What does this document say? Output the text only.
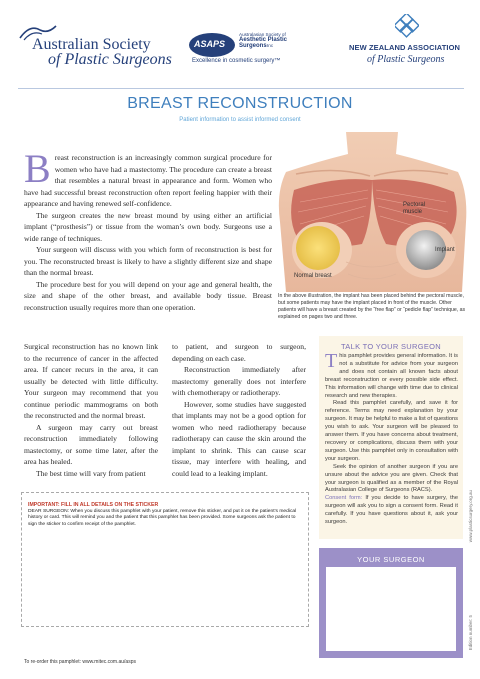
Australian Society
of Plastic Surgeons
ASAPS
Australasian Society of
Aesthetic Plastic
Surgeons Inc
Excellence in cosmetic surgery™
NEW ZEALAND ASSOCIATION
of Plastic Surgeons
BREAST RECONSTRUCTION
Patient information to assist informed consent
B reast reconstruction is an increasingly common surgical procedure for women who have had a mastectomy. The procedure can create a breast that resembles a natural breast in appearance and form. Women who have had successful breast reconstruction often report feeling happier with their appearance and having renewed self-confidence.

The surgeon creates the new breast mound by using either an artificial implant (“prosthesis”) or tissue from the woman’s own body. Surgeons use a wide range of techniques.

Your surgeon will discuss with you which form of reconstruction is best for you. The reconstructed breast is likely to have a slightly different size and shape than the normal breast.

The procedure best for you will depend on your age and general health, the size and shape of the other breast, and available body tissue. Breast reconstruction usually requires more than one operation.

Pectoral muscle
Implant
Normal breast
In the above illustration, the implant has been placed behind the pectoral muscle, but some patients may have the implant placed in front of the muscle. Other patients will have a breast created by the “free flap” or “pedicle flap” technique, as explained on pages two and three.

Surgical reconstruction has no known link to the recurrence of cancer in the affected area. If cancer recurs in the area, it can usually be detected with little difficulty. Your surgeon may recommend that you continue periodic mammograms on both the reconstructed and the normal breast.

A surgeon may carry out breast reconstruction immediately following mastectomy, or some time later, after the area has healed.

The best time will vary from patient

to patient, and surgeon to surgeon, depending on each case.

Reconstruction immediately after mastectomy generally does not interfere with chemotherapy or radiotherapy.

However, some studies have suggested that implants may not be a good option for women who need radiotherapy because radiotherapy can cause the skin around the implant to shrink. This can cause scar tissue, may interfere with healing, and could lead to a leaking implant.

TALK TO YOUR SURGEON
T his pamphlet provides general information. It is not a substitute for advice from your surgeon and does not contain all known facts about breast reconstruction or every possible side effect. This information will change with time due to clinical research and new therapies.

Read this pamphlet carefully, and save it for reference. Terms may need explanation by your surgeon. It may be helpful to make a list of questions you wish to ask. Your surgeon will be pleased to answer them. If you have concerns about treatment, recovery or complications, discuss them with your surgeon. Use this pamphlet only in consultation with your surgeon.

Seek the opinion of another surgeon if you are unsure about the advice you are given. Check that your surgeon is qualified as a member of the Royal Australasian College of Surgeons (RACS).

Consent form: If you decide to have surgery, the surgeon will ask you to sign a consent form. Read it carefully. If you have questions about it, ask your surgeon.

YOUR SURGEON
IMPORTANT: FILL IN ALL DETAILS ON THE STICKER
DEAR SURGEON: When you discuss this pamphlet with your patient, remove this sticker, and put it on the patient’s medical history or card. This will remind you and the patient that this pamphlet has been provided. Some surgeons ask the patient to sign the sticker to confirm receipt of the pamphlet.
To re-order this pamphlet: www.mitec.com.au/asps
Edition number: 5
www.plasticsurgery.org.au
